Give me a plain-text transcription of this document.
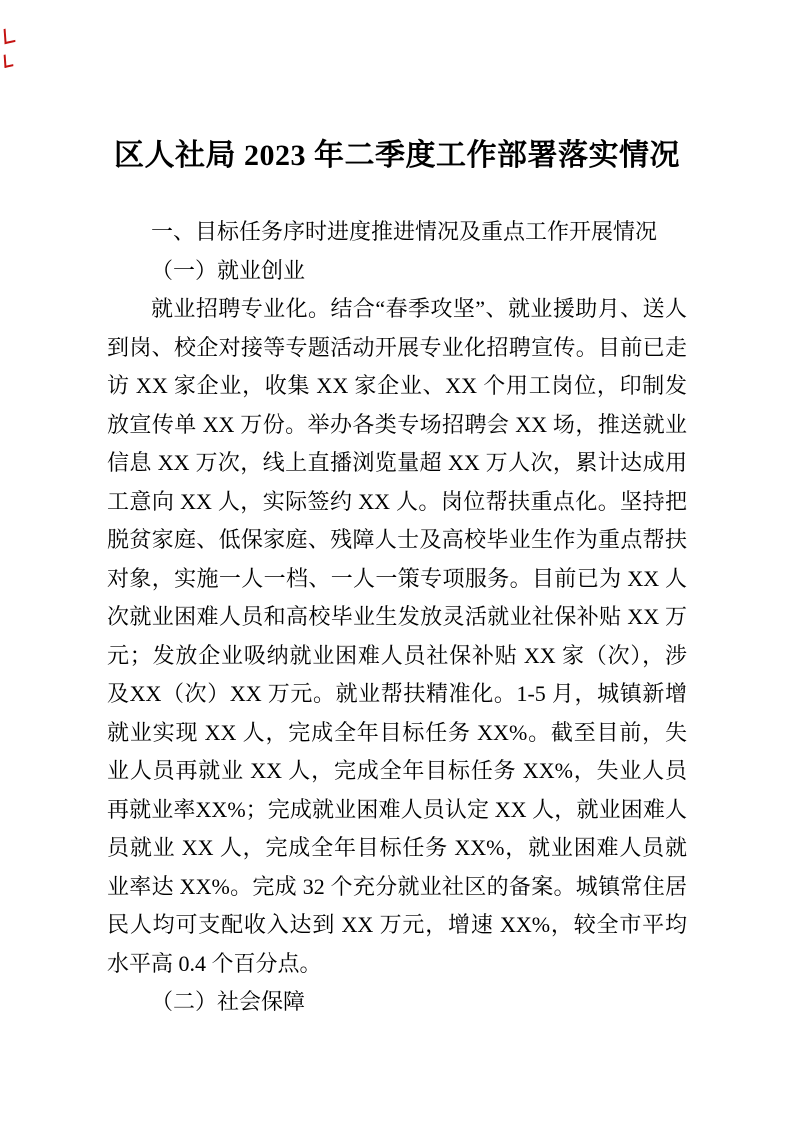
区人社局 2023 年二季度工作部署落实情况

一、目标任务序时进度推进情况及重点工作开展情况

（一）就业创业

就业招聘专业化。结合“春季攻坚”、就业援助月、送人到岗、校企对接等专题活动开展专业化招聘宣传。目前已走访 XX 家企业，收集 XX 家企业、XX 个用工岗位，印制发放宣传单 XX 万份。举办各类专场招聘会 XX 场，推送就业信息 XX 万次，线上直播浏览量超 XX 万人次，累计达成用工意向 XX 人，实际签约 XX 人。岗位帮扶重点化。坚持把脱贫家庭、低保家庭、残障人士及高校毕业生作为重点帮扶对象，实施一人一档、一人一策专项服务。目前已为 XX 人次就业困难人员和高校毕业生发放灵活就业社保补贴 XX 万元；发放企业吸纳就业困难人员社保补贴 XX 家（次），涉及XX（次）XX 万元。就业帮扶精准化。1-5 月，城镇新增就业实现 XX 人，完成全年目标任务 XX%。截至目前，失业人员再就业 XX 人，完成全年目标任务 XX%，失业人员再就业率XX%；完成就业困难人员认定 XX 人，就业困难人员就业 XX 人，完成全年目标任务 XX%，就业困难人员就业率达 XX%。完成 32 个充分就业社区的备案。城镇常住居民人均可支配收入达到 XX 万元，增速 XX%，较全市平均水平高 0.4 个百分点。

（二）社会保障
